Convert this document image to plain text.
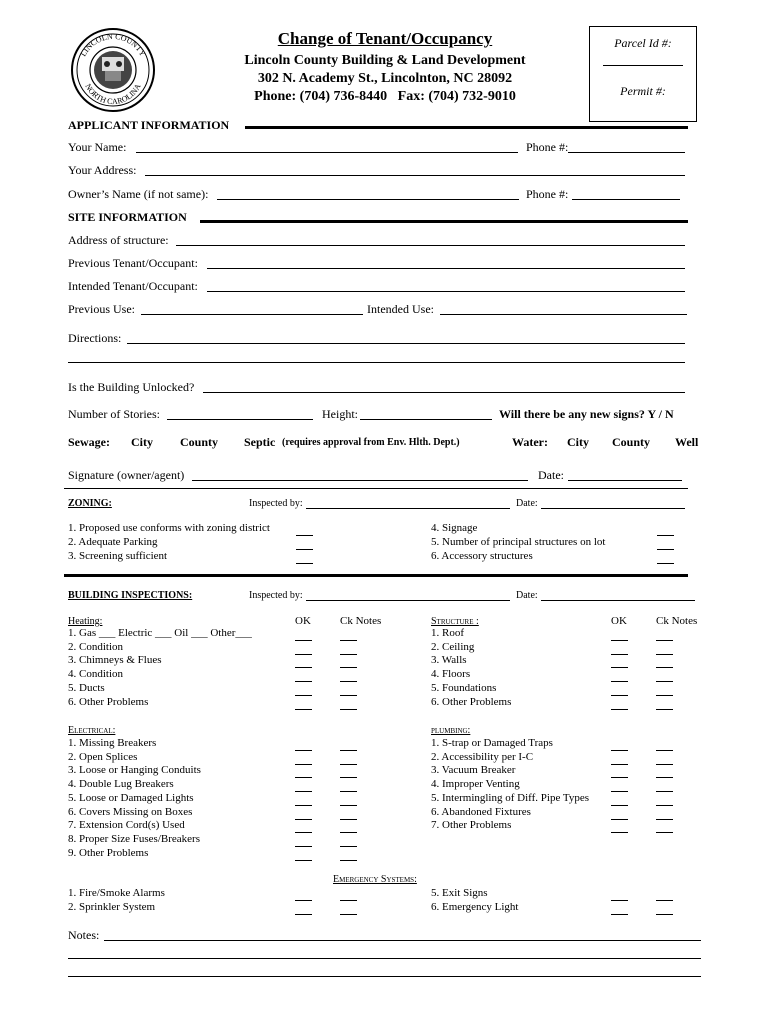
LINCOLN COUNTY
NORTH CAROLINA
Change of Tenant/Occupancy
Lincoln County Building & Land Development
302 N. Academy St., Lincolnton, NC 28092
Phone: (704) 736-8440   Fax: (704) 732-9010
Parcel Id #:
Permit #:
APPLICANT INFORMATION
Your Name:	Phone #:
Your Address:
Owner’s Name (if not same):	Phone #:
SITE INFORMATION
Address of structure:
Previous Tenant/Occupant:
Intended Tenant/Occupant:
Previous Use:	Intended Use:
Directions:
Is the Building Unlocked?
Number of Stories:	Height:	Will there be any new signs? Y / N
Sewage: City County Septic (requires approval from Env. Hlth. Dept.)	Water: City County Well
Signature (owner/agent)	Date:
ZONING:	Inspected by:	Date:
1. Proposed use conforms with zoning district
2. Adequate Parking
3. Screening sufficient
4. Signage
5. Number of principal structures on lot
6. Accessory structures
BUILDING INSPECTIONS:	Inspected by:	Date:
Heating:	OK	Ck Notes	Structure :	OK	Ck Notes
Electrical:	plumbing:
Emergency Systems:
1. Gas ___ Electric ___ Oil ___ Other___
2. Condition
3. Chimneys & Flues
4. Condition
5. Ducts
6. Other Problems
1. Roof
2. Ceiling
3. Walls
4. Floors
5. Foundations
6. Other Problems
1. Missing Breakers
2. Open Splices
3. Loose or Hanging Conduits
4. Double Lug Breakers
5. Loose or Damaged Lights
6. Covers Missing on Boxes
7. Extension Cord(s) Used
8. Proper Size Fuses/Breakers
9. Other Problems
1. S-trap or Damaged Traps
2. Accessibility per I-C
3. Vacuum Breaker
4. Improper Venting
5. Intermingling of Diff. Pipe Types
6. Abandoned Fixtures
7. Other Problems
1. Fire/Smoke Alarms
2. Sprinkler System
5. Exit Signs
6. Emergency Light
Notes:
